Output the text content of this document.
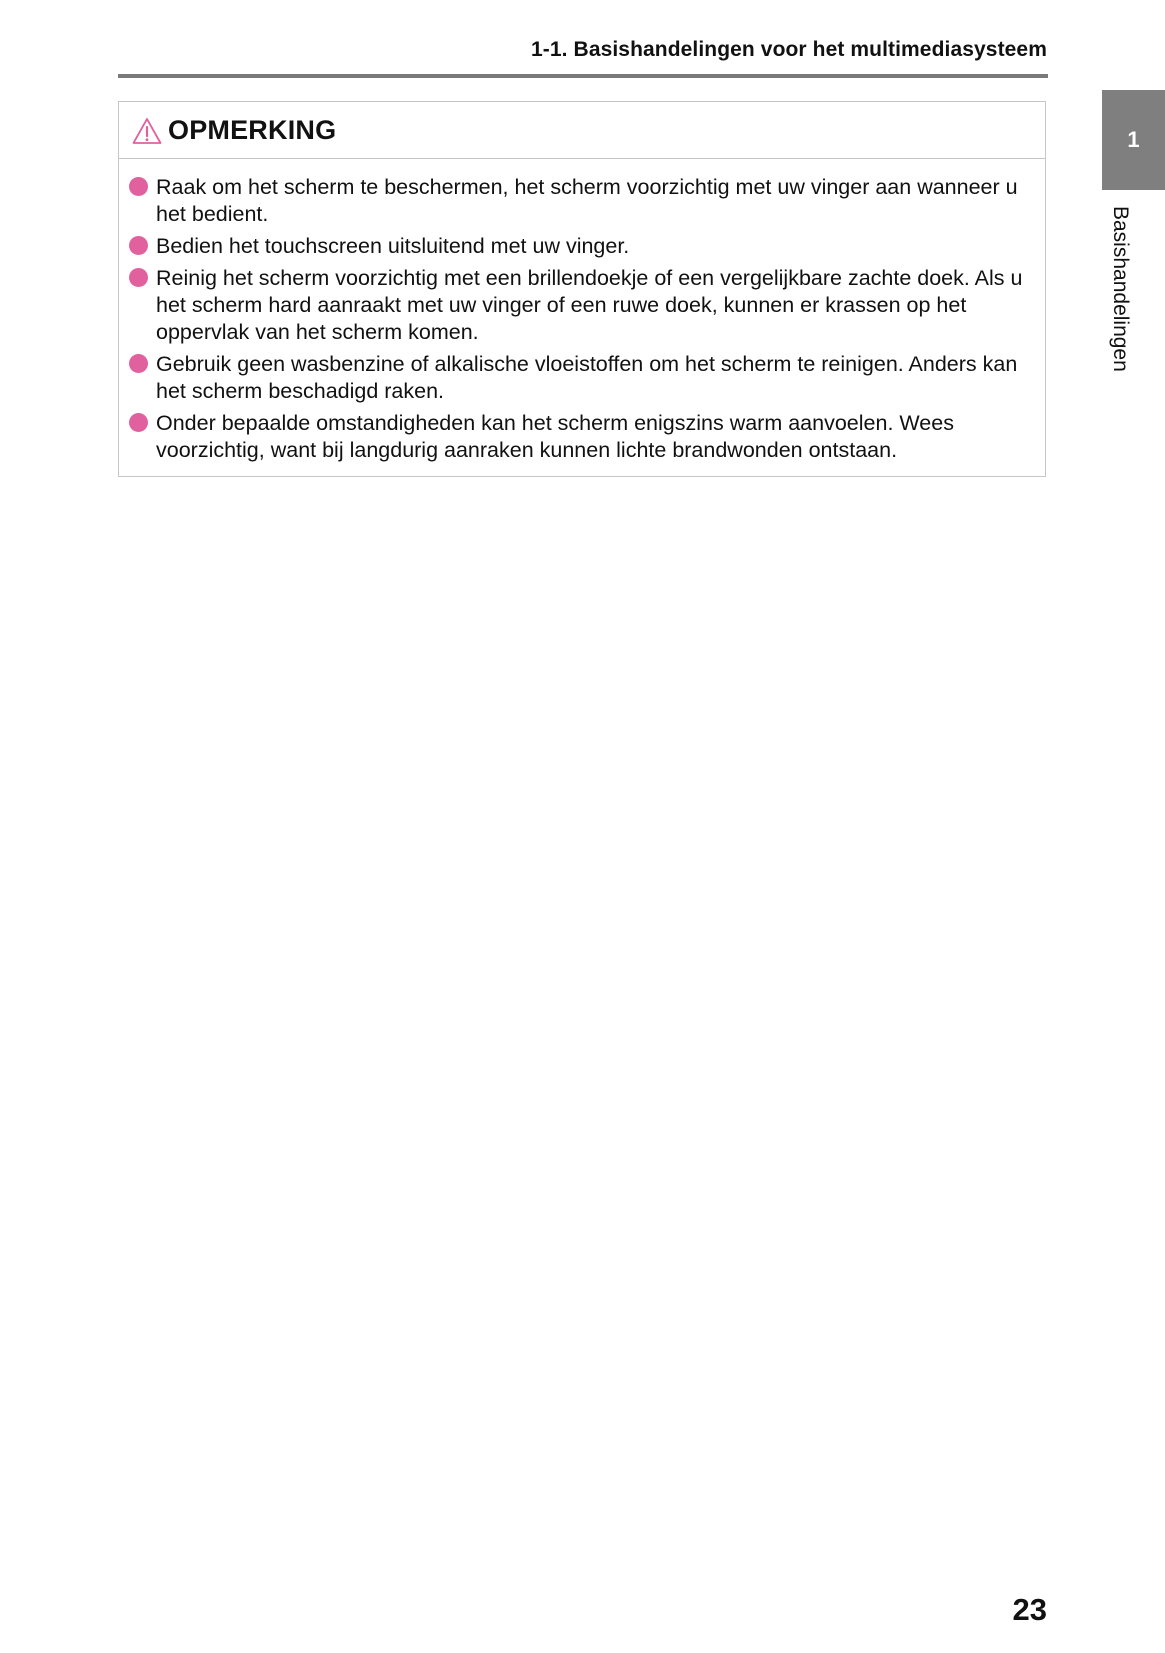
1-1. Basishandelingen voor het multimediasysteem
OPMERKING
Raak om het scherm te beschermen, het scherm voorzichtig met uw vinger aan wanneer u het bedient.
Bedien het touchscreen uitsluitend met uw vinger.
Reinig het scherm voorzichtig met een brillendoekje of een vergelijkbare zachte doek. Als u het scherm hard aanraakt met uw vinger of een ruwe doek, kunnen er krassen op het oppervlak van het scherm komen.
Gebruik geen wasbenzine of alkalische vloeistoffen om het scherm te reinigen. Anders kan het scherm beschadigd raken.
Onder bepaalde omstandigheden kan het scherm enigszins warm aanvoelen. Wees voorzichtig, want bij langdurig aanraken kunnen lichte brandwonden ontstaan.
1
Basishandelingen
23
